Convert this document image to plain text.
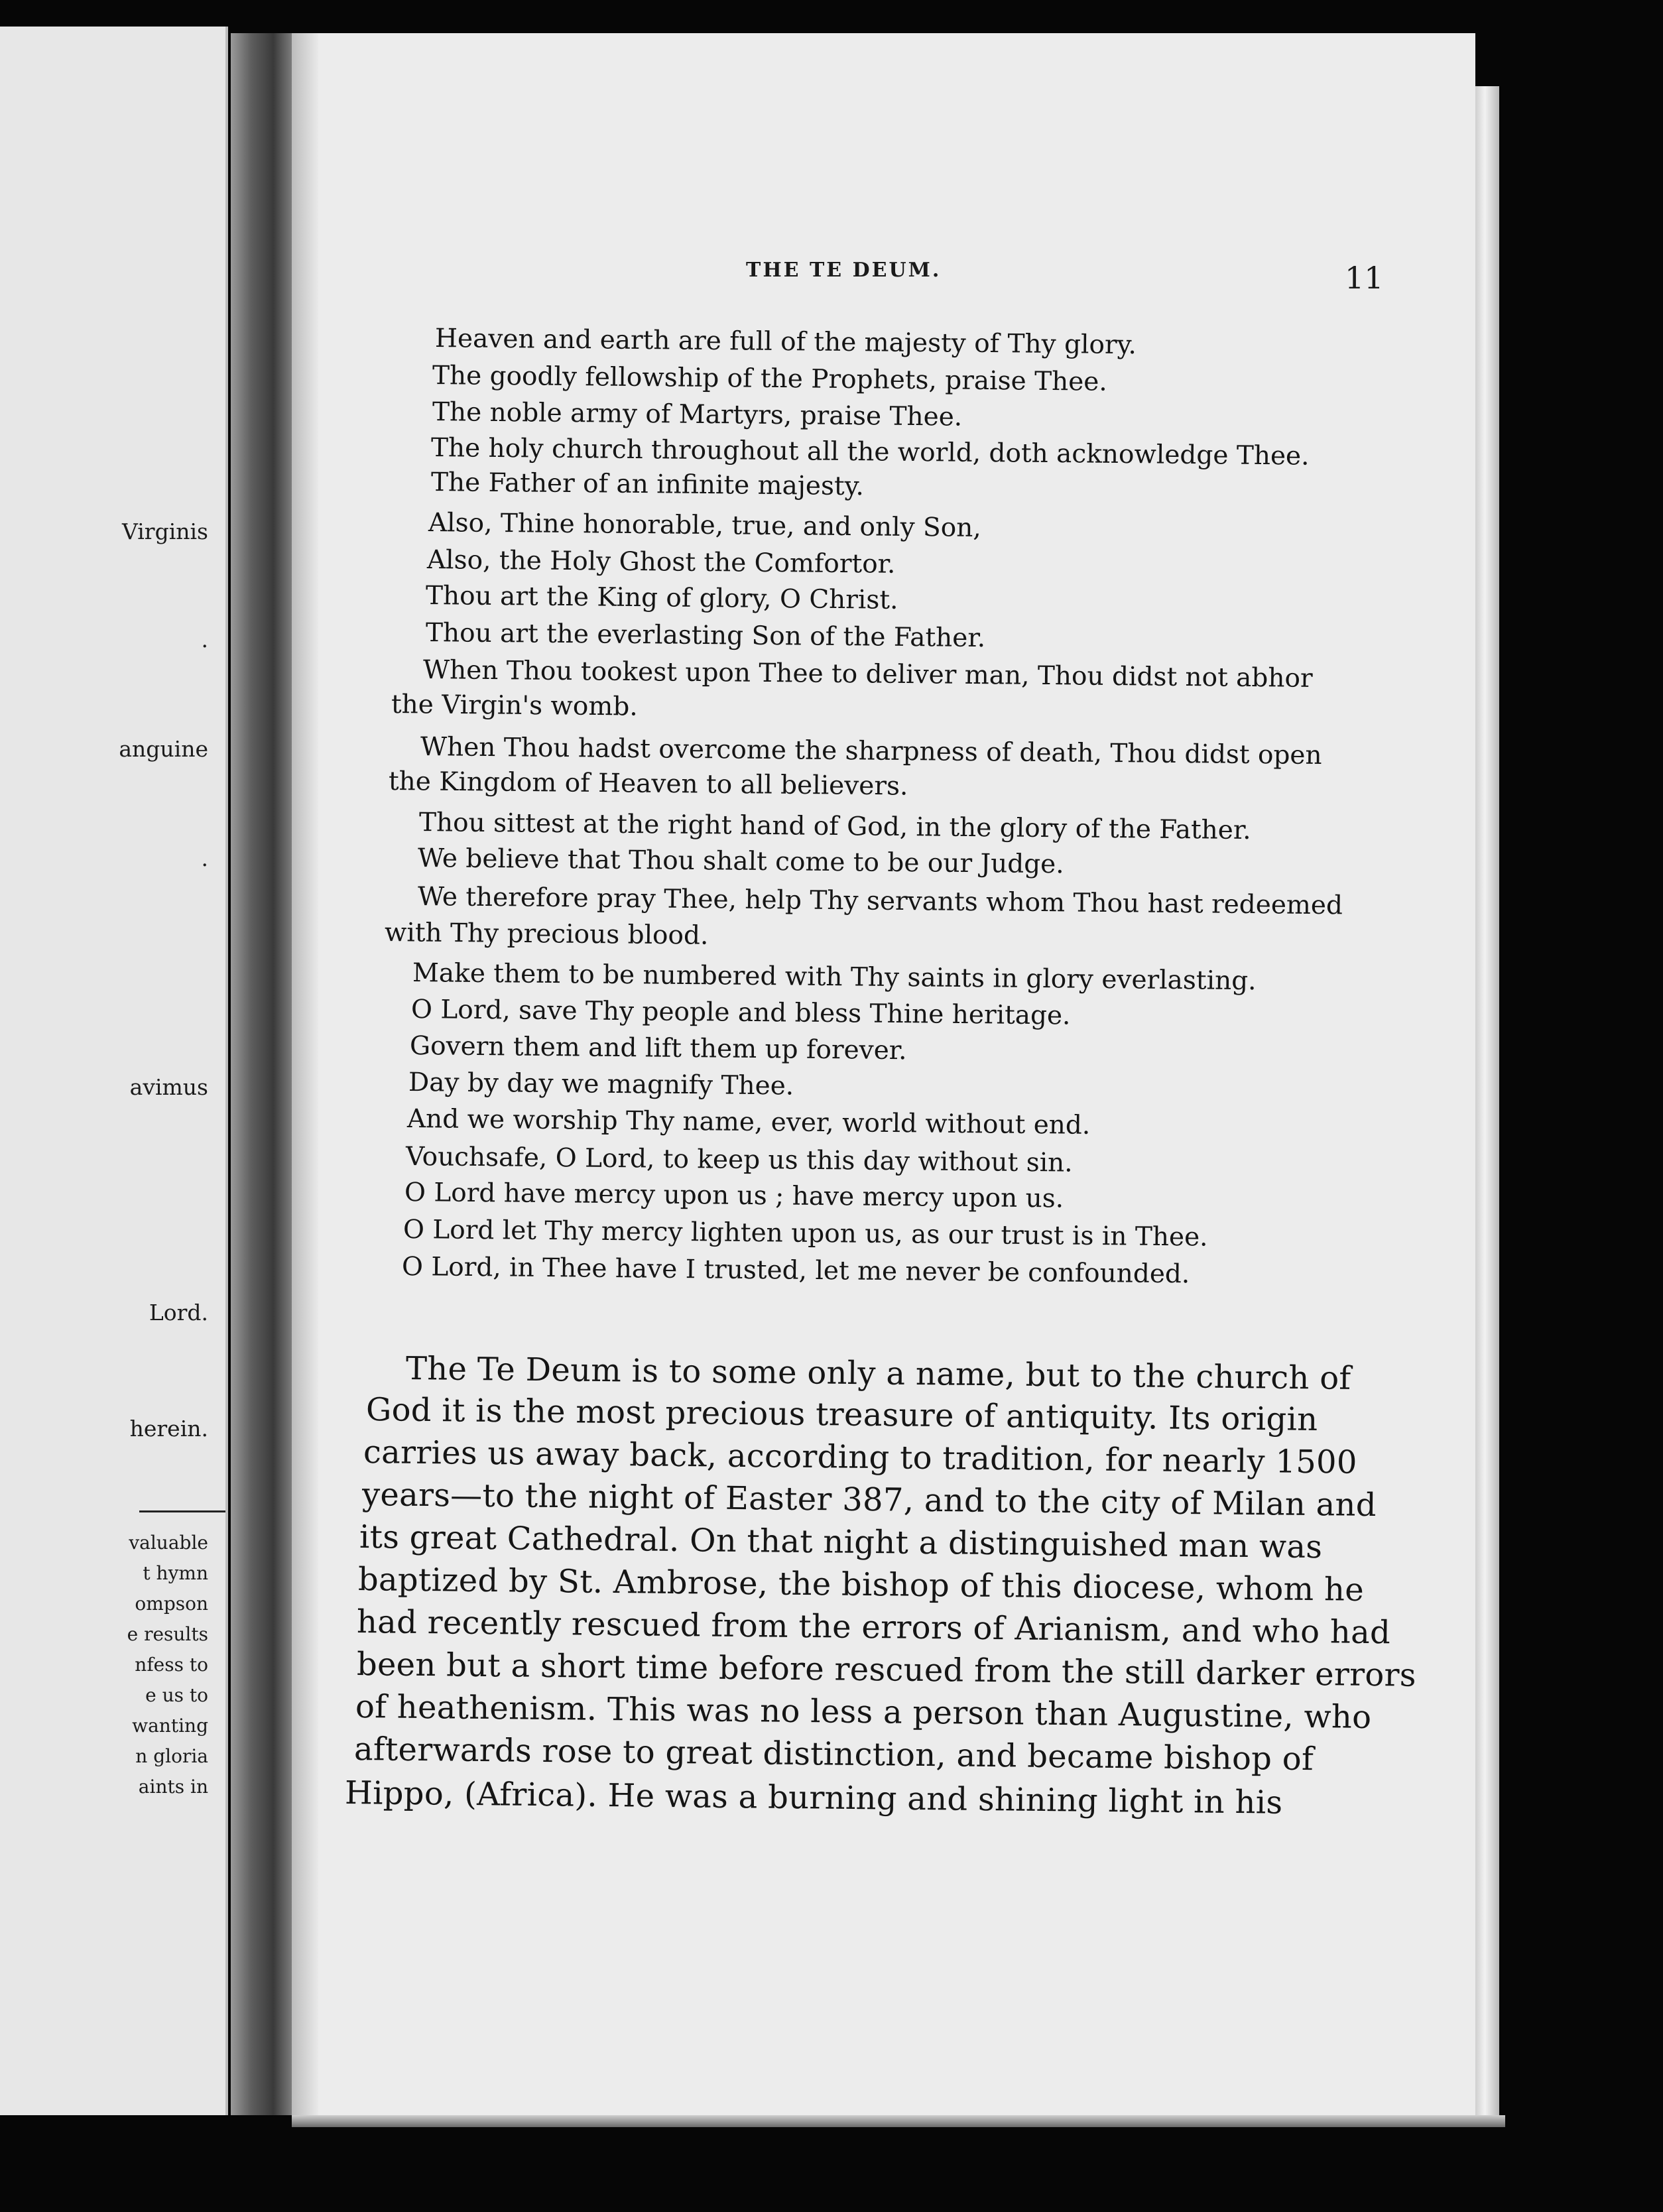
Virginis
.
anguine
.
avimus
Lord.
herein.
valuable
t hymn
ompson
e results
nfess to
e us to
wanting
n gloria
aints in
THE TE DEUM.	11
Heaven and earth are full of the majesty of Thy glory.
The goodly fellowship of the Prophets, praise Thee.
The noble army of Martyrs, praise Thee.
The holy church throughout all the world, doth acknowledge Thee.
The Father of an infinite majesty.
Also, Thine honorable, true, and only Son,
Also, the Holy Ghost the Comfortor.
Thou art the King of glory, O Christ.
Thou art the everlasting Son of the Father.
When Thou tookest upon Thee to deliver man, Thou didst not abhor
the Virgin's womb.
When Thou hadst overcome the sharpness of death, Thou didst open
the Kingdom of Heaven to all believers.
Thou sittest at the right hand of God, in the glory of the Father.
We believe that Thou shalt come to be our Judge.
We therefore pray Thee, help Thy servants whom Thou hast redeemed
with Thy precious blood.
Make them to be numbered with Thy saints in glory everlasting.
O Lord, save Thy people and bless Thine heritage.
Govern them and lift them up forever.
Day by day we magnify Thee.
And we worship Thy name, ever, world without end.
Vouchsafe, O Lord, to keep us this day without sin.
O Lord have mercy upon us ; have mercy upon us.
O Lord let Thy mercy lighten upon us, as our trust is in Thee.
O Lord, in Thee have I trusted, let me never be confounded.
The Te Deum is to some only a name, but to the church of
God it is the most precious treasure of antiquity. Its origin
carries us away back, according to tradition, for nearly 1500
years—to the night of Easter 387, and to the city of Milan and
its great Cathedral. On that night a distinguished man was
baptized by St. Ambrose, the bishop of this diocese, whom he
had recently rescued from the errors of Arianism, and who had
been but a short time before rescued from the still darker errors
of heathenism. This was no less a person than Augustine, who
afterwards rose to great distinction, and became bishop of
Hippo, (Africa). He was a burning and shining light in his
